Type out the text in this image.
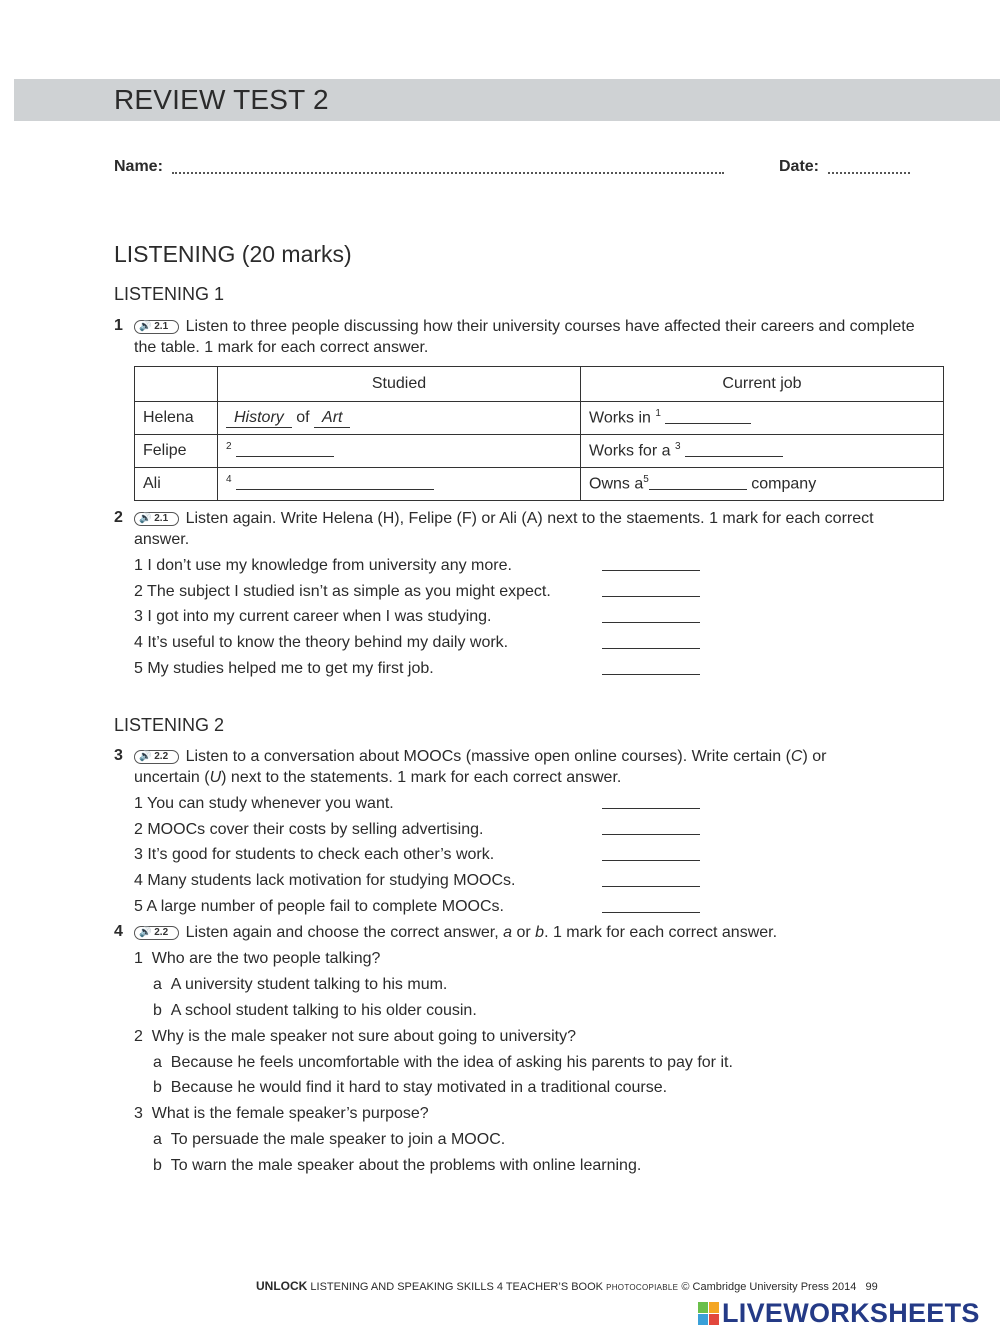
REVIEW TEST 2
Name:	Date:
LISTENING (20 marks)
LISTENING 1
1	🔊 2.1 Listen to three people discussing how their university courses have affected their careers and complete the table. 1 mark for each correct answer.
	Studied	Current job
Helena	History of Art	Works in $^1$
Felipe	$^2$	Works for a $^3$
Ali	$^4$	Owns $a^5$ company
2	🔊 2.1 Listen again. Write Helena (H), Felipe (F) or Ali (A) next to the staements. 1 mark for each correct answer.
1 I don’t use my knowledge from university any more.
2 The subject I studied isn’t as simple as you might expect.
3 I got into my current career when I was studying.
4 It’s useful to know the theory behind my daily work.
5 My studies helped me to get my first job.
LISTENING 2
3	🔊 2.2 Listen to a conversation about MOOCs (massive open online courses). Write certain (C) or uncertain (U) next to the statements. 1 mark for each correct answer.
1 You can study whenever you want.
2 MOOCs cover their costs by selling advertising.
3 It’s good for students to check each other’s work.
4 Many students lack motivation for studying MOOCs.
5 A large number of people fail to complete MOOCs.
4	🔊 2.2 Listen again and choose the correct answer, a or b. 1 mark for each correct answer.
1 Who are the two people talking?
a  A university student talking to his mum.
b  A school student talking to his older cousin.
2 Why is the male speaker not sure about going to university?
a  Because he feels uncomfortable with the idea of asking his parents to pay for it.
b  Because he would find it hard to stay motivated in a traditional course.
3 What is the female speaker’s purpose?
a  To persuade the male speaker to join a MOOC.
b  To warn the male speaker about the problems with online learning.
UNLOCK LISTENING AND SPEAKING SKILLS 4 TEACHER’S BOOK PHOTOCOPIABLE © Cambridge University Press 2014 99
LIVEWORKSHEETS
